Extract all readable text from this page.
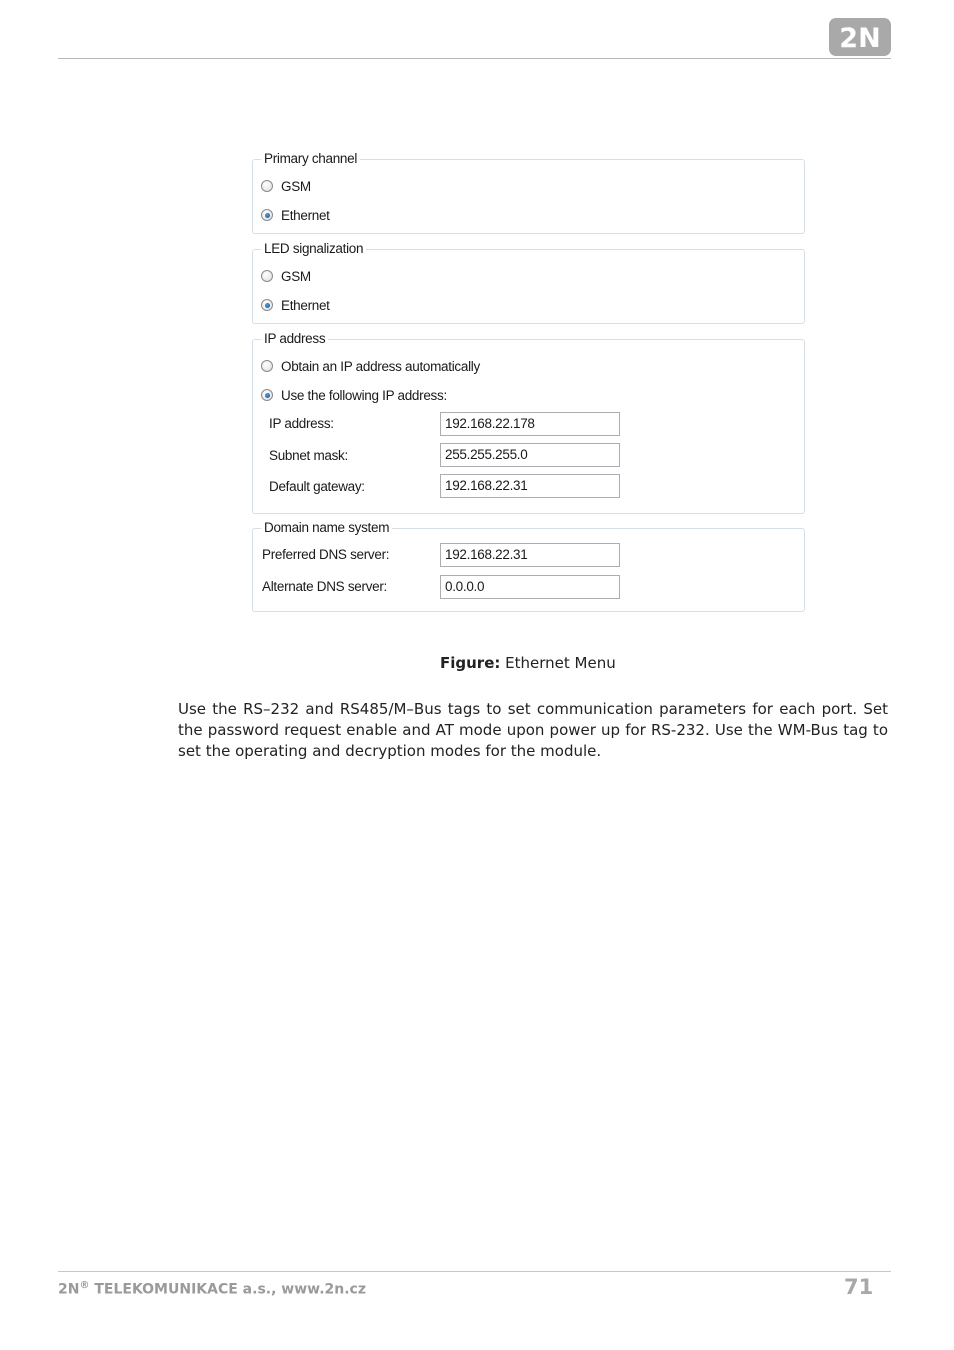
2N
Primary channel
GSM
Ethernet
LED signalization
GSM
Ethernet
IP address
Obtain an IP address automatically
Use the following IP address:
IP address:	192.168.22.178
Subnet mask:	255.255.255.0
Default gateway:	192.168.22.31
Domain name system
Preferred DNS server:	192.168.22.31
Alternate DNS server:	0.0.0.0
Figure: Ethernet Menu

Use the RS–232 and RS485/M–Bus tags to set communication parameters for each port. Set the password request enable and AT mode upon power up for RS-232. Use the WM-Bus tag to set the operating and decryption modes for the module.

2N® TELEKOMUNIKACE a.s., www.2n.cz	71
